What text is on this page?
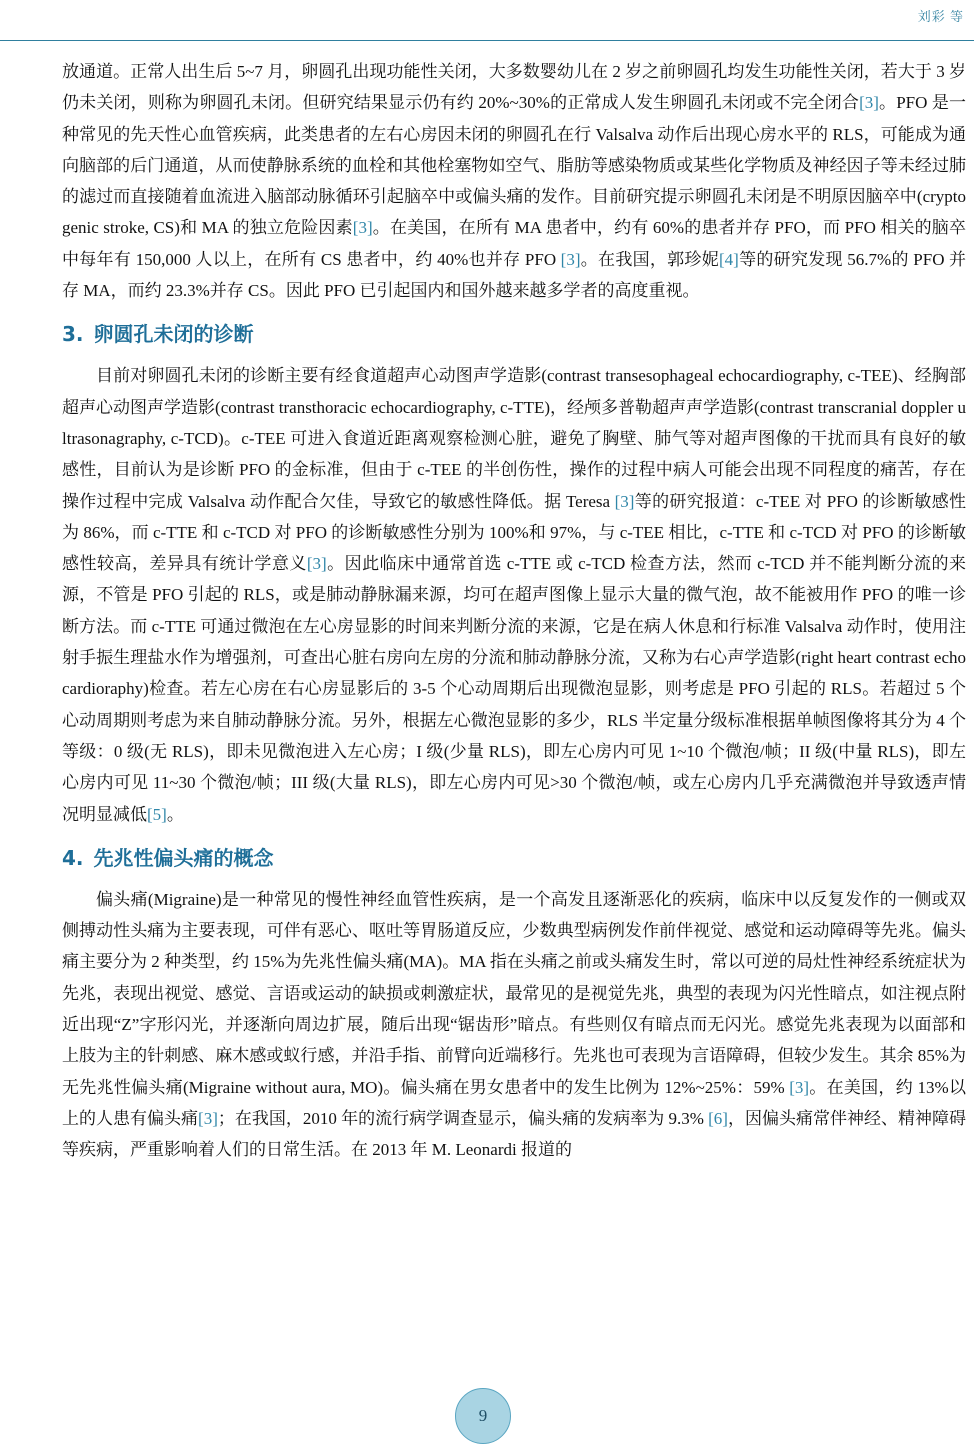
刘彩 等

放通道。正常人出生后 5~7 月，卵圆孔出现功能性关闭，大多数婴幼儿在 2 岁之前卵圆孔均发生功能性关闭，若大于 3 岁仍未关闭，则称为卵圆孔未闭。但研究结果显示仍有约 20%~30%的正常成人发生卵圆孔未闭或不完全闭合[3]。PFO 是一种常见的先天性心血管疾病，此类患者的左右心房因未闭的卵圆孔在行 Valsalva 动作后出现心房水平的 RLS，可能成为通向脑部的后门通道，从而使静脉系统的血栓和其他栓塞物如空气、脂肪等感染物质或某些化学物质及神经因子等未经过肺的滤过而直接随着血流进入脑部动脉循环引起脑卒中或偏头痛的发作。目前研究提示卵圆孔未闭是不明原因脑卒中(cryptogenic stroke, CS)和 MA 的独立危险因素[3]。在美国，在所有 MA 患者中，约有 60%的患者并存 PFO，而 PFO 相关的脑卒中每年有 150,000 人以上，在所有 CS 患者中，约 40%也并存 PFO [3]。在我国，郭珍妮[4]等的研究发现 56.7%的 PFO 并存 MA，而约 23.3%并存 CS。因此 PFO 已引起国内和国外越来越多学者的高度重视。

3. 卵圆孔未闭的诊断

目前对卵圆孔未闭的诊断主要有经食道超声心动图声学造影(contrast transesophageal echocardiography, c-TEE)、经胸部超声心动图声学造影(contrast transthoracic echocardiography, c-TTE)，经颅多普勒超声声学造影(contrast transcranial doppler ultrasonagraphy, c-TCD)。c-TEE 可进入食道近距离观察检测心脏，避免了胸壁、肺气等对超声图像的干扰而具有良好的敏感性，目前认为是诊断 PFO 的金标准，但由于 c-TEE 的半创伤性，操作的过程中病人可能会出现不同程度的痛苦，存在操作过程中完成 Valsalva 动作配合欠佳，导致它的敏感性降低。据 Teresa [3]等的研究报道：c-TEE 对 PFO 的诊断敏感性为 86%，而 c-TTE 和 c-TCD 对 PFO 的诊断敏感性分别为 100%和 97%，与 c-TEE 相比，c-TTE 和 c-TCD 对 PFO 的诊断敏感性较高，差异具有统计学意义[3]。因此临床中通常首选 c-TTE 或 c-TCD 检查方法，然而 c-TCD 并不能判断分流的来源，不管是 PFO 引起的 RLS，或是肺动静脉漏来源，均可在超声图像上显示大量的微气泡，故不能被用作 PFO 的唯一诊断方法。而 c-TTE 可通过微泡在左心房显影的时间来判断分流的来源，它是在病人休息和行标准 Valsalva 动作时，使用注射手振生理盐水作为增强剂，可查出心脏右房向左房的分流和肺动静脉分流，又称为右心声学造影(right heart contrast echocardioraphy)检查。若左心房在右心房显影后的 3-5 个心动周期后出现微泡显影，则考虑是 PFO 引起的 RLS。若超过 5 个心动周期则考虑为来自肺动静脉分流。另外，根据左心微泡显影的多少，RLS 半定量分级标准根据单帧图像将其分为 4 个等级：0 级(无 RLS)，即未见微泡进入左心房；I 级(少量 RLS)，即左心房内可见 1~10 个微泡/帧；II 级(中量 RLS)，即左心房内可见 11~30 个微泡/帧；III 级(大量 RLS)，即左心房内可见>30 个微泡/帧，或左心房内几乎充满微泡并导致透声情况明显减低[5]。

4. 先兆性偏头痛的概念

偏头痛(Migraine)是一种常见的慢性神经血管性疾病，是一个高发且逐渐恶化的疾病，临床中以反复发作的一侧或双侧搏动性头痛为主要表现，可伴有恶心、呕吐等胃肠道反应，少数典型病例发作前伴视觉、感觉和运动障碍等先兆。偏头痛主要分为 2 种类型，约 15%为先兆性偏头痛(MA)。MA 指在头痛之前或头痛发生时，常以可逆的局灶性神经系统症状为先兆，表现出视觉、感觉、言语或运动的缺损或刺激症状，最常见的是视觉先兆，典型的表现为闪光性暗点，如注视点附近出现“Z”字形闪光，并逐渐向周边扩展，随后出现“锯齿形”暗点。有些则仅有暗点而无闪光。感觉先兆表现为以面部和上肢为主的针刺感、麻木感或蚁行感，并沿手指、前臂向近端移行。先兆也可表现为言语障碍，但较少发生。其余 85%为无先兆性偏头痛(Migraine without aura, MO)。偏头痛在男女患者中的发生比例为 12%~25%：59% [3]。在美国，约 13%以上的人患有偏头痛[3]；在我国，2010 年的流行病学调查显示，偏头痛的发病率为 9.3% [6]，因偏头痛常伴神经、精神障碍等疾病，严重影响着人们的日常生活。在 2013 年 M. Leonardi 报道的

9
